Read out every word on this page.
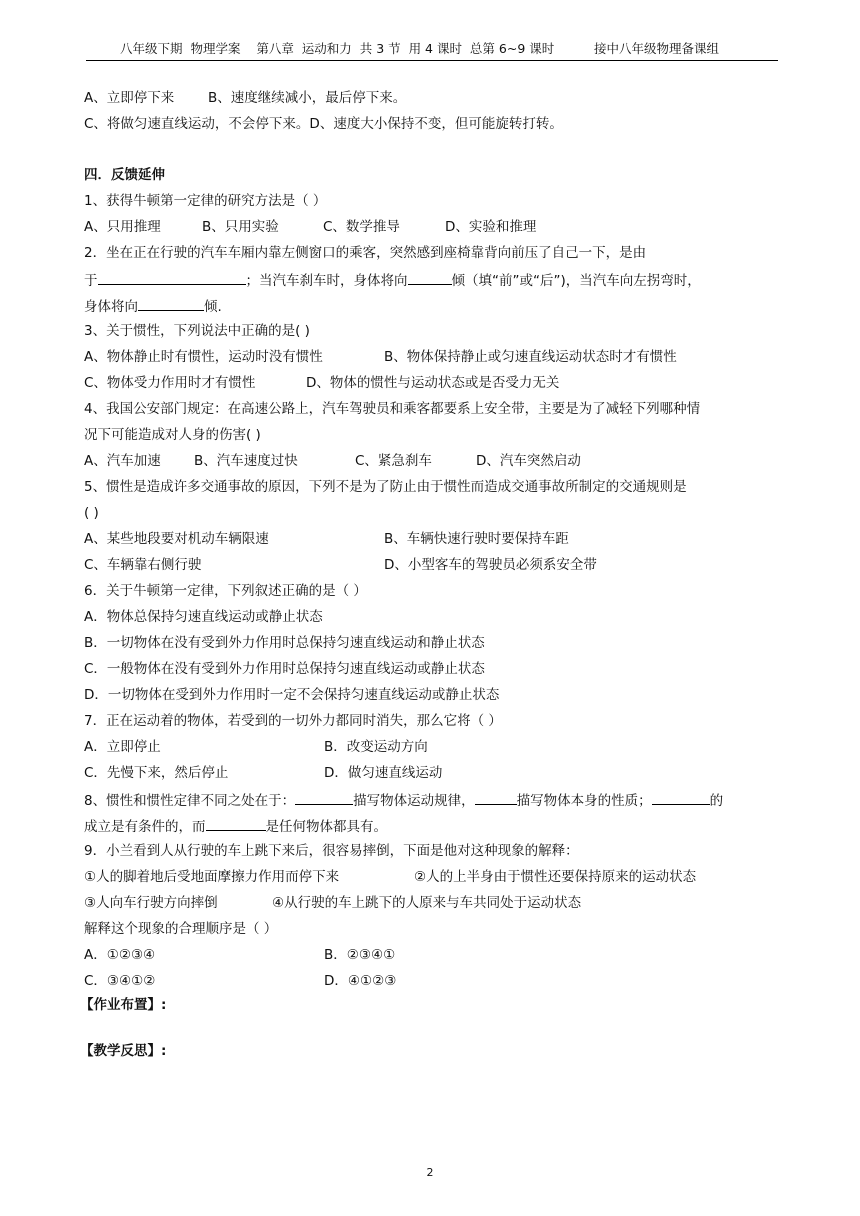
八年级下期  物理学案    第八章  运动和力  共 3 节  用 4 课时  总第 6~9 课时	接中八年级物理备课组
A、立即停下来	B、速度继续减小，最后停下来。
C、将做匀速直线运动，不会停下来。D、速度大小保持不变，但可能旋转打转。
四．反馈延伸
1、获得牛顿第一定律的研究方法是（ ）
A、只用推理	B、只用实验	C、数学推导	D、实验和推理
2．坐在正在行驶的汽车车厢内靠左侧窗口的乘客，突然感到座椅靠背向前压了自己一下，是由
于	；当汽车刹车时，身体将向	倾（填“前”或“后”)，当汽车向左拐弯时，
身体将向	倾.
3、关于惯性，下列说法中正确的是( )
A、物体静止时有惯性，运动时没有惯性	B、物体保持静止或匀速直线运动状态时才有惯性
C、物体受力作用时才有惯性	D、物体的惯性与运动状态或是否受力无关
4、我国公安部门规定：在高速公路上，汽车驾驶员和乘客都要系上安全带，主要是为了减轻下列哪种情
况下可能造成对人身的伤害( )
A、汽车加速 B、汽车速度过快	C、紧急刹车	D、汽车突然启动
5、惯性是造成许多交通事故的原因，下列不是为了防止由于惯性而造成交通事故所制定的交通规则是
( )
A、某些地段要对机动车辆限速	B、车辆快速行驶时要保持车距
C、车辆靠右侧行驶	D、小型客车的驾驶员必须系安全带
6．关于牛顿第一定律，下列叙述正确的是（ ）
A．物体总保持匀速直线运动或静止状态
B．一切物体在没有受到外力作用时总保持匀速直线运动和静止状态
C．一般物体在没有受到外力作用时总保持匀速直线运动或静止状态
D．一切物体在受到外力作用时一定不会保持匀速直线运动或静止状态
7．正在运动着的物体，若受到的一切外力都同时消失，那么它将（ ）
A．立即停止	B．改变运动方向
C．先慢下来，然后停止	D．做匀速直线运动
8、惯性和惯性定律不同之处在于：	描写物体运动规律，	描写物体本身的性质；	的
成立是有条件的，而	是任何物体都具有。
9．小兰看到人从行驶的车上跳下来后，很容易摔倒，下面是他对这种现象的解释：
①人的脚着地后受地面摩擦力作用而停下来	②人的上半身由于惯性还要保持原来的运动状态
③人向车行驶方向摔倒	④从行驶的车上跳下的人原来与车共同处于运动状态
解释这个现象的合理顺序是（ ）
A．①②③④	B．②③④①
C．③④①②	D．④①②③
【作业布置】:
【教学反思】:
2
